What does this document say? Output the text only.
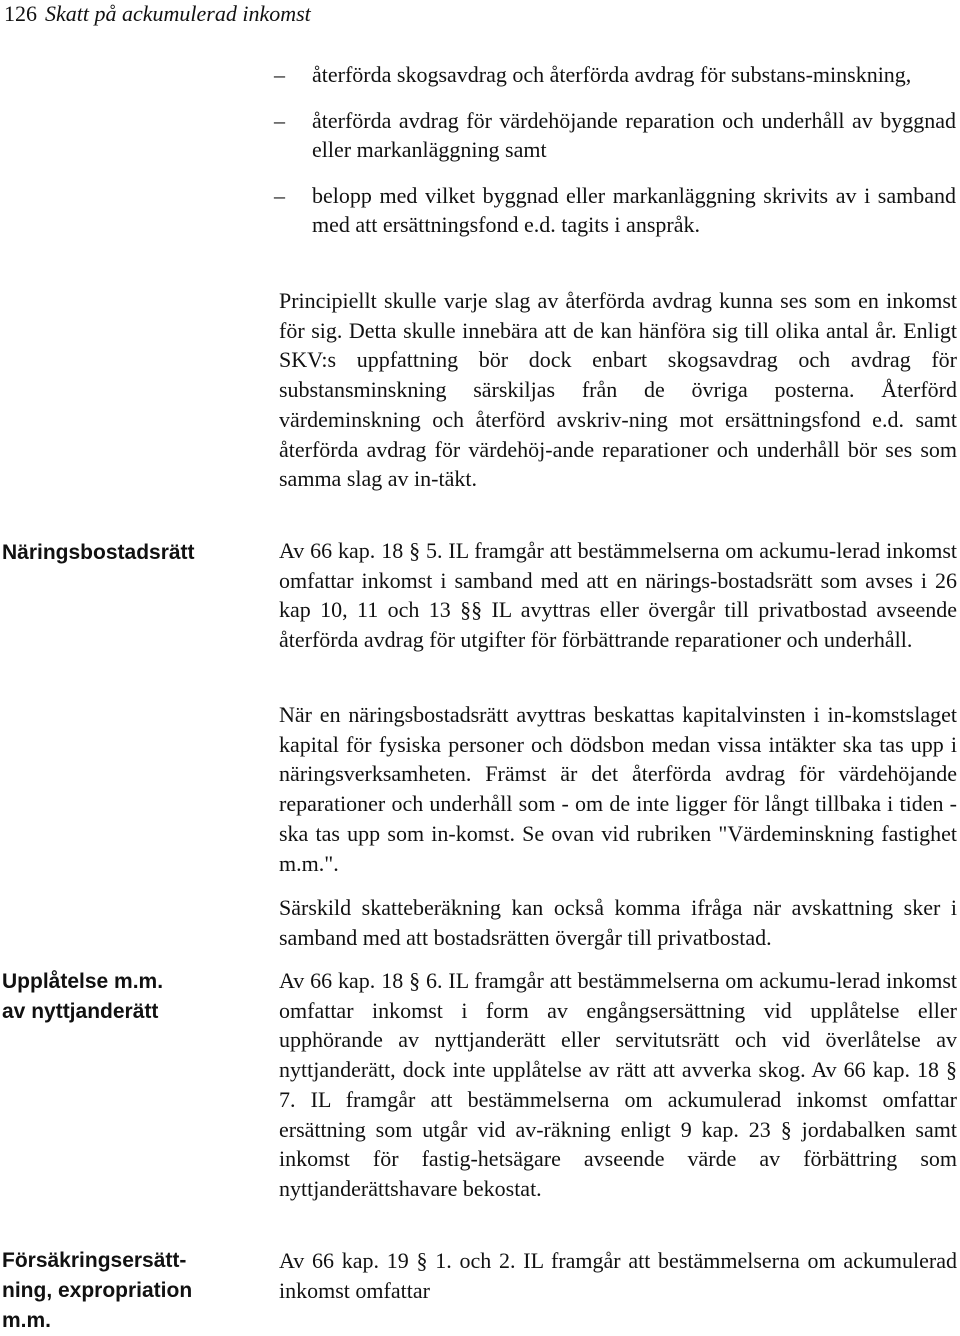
126 Skatt på ackumulerad inkomst
Näringsbostadsrätt
Upplåtelse m.m.
av nyttjanderätt
Försäkringsersätt-
ning, expropriation
m.m.
– återförda skogsavdrag och återförda avdrag för substans-minskning,
– återförda avdrag för värdehöjande reparation och underhåll av byggnad eller markanläggning samt
– belopp med vilket byggnad eller markanläggning skrivits av i samband med att ersättningsfond e.d. tagits i anspråk.

Principiellt skulle varje slag av återförda avdrag kunna ses som en inkomst för sig. Detta skulle innebära att de kan hänföra sig till olika antal år. Enligt SKV:s uppfattning bör dock enbart skogsavdrag och avdrag för substansminskning särskiljas från de övriga posterna. Återförd värdeminskning och återförd avskriv-ning mot ersättningsfond e.d. samt återförda avdrag för värdehöj-ande reparationer och underhåll bör ses som samma slag av in-täkt.

Av 66 kap. 18 § 5. IL framgår att bestämmelserna om ackumu-lerad inkomst omfattar inkomst i samband med att en närings-bostadsrätt som avses i 26 kap 10, 11 och 13 §§ IL avyttras eller övergår till privatbostad avseende återförda avdrag för utgifter för förbättrande reparationer och underhåll.

När en näringsbostadsrätt avyttras beskattas kapitalvinsten i in-komstslaget kapital för fysiska personer och dödsbon medan vissa intäkter ska tas upp i näringsverksamheten. Främst är det återförda avdrag för värdehöjande reparationer och underhåll som - om de inte ligger för långt tillbaka i tiden - ska tas upp som in-komst. Se ovan vid rubriken "Värdeminskning fastighet m.m.".

Särskild skatteberäkning kan också komma ifråga när avskattning sker i samband med att bostadsrätten övergår till privatbostad.

Av 66 kap. 18 § 6. IL framgår att bestämmelserna om ackumu-lerad inkomst omfattar inkomst i form av engångsersättning vid upplåtelse eller upphörande av nyttjanderätt eller servitutsrätt och vid överlåtelse av nyttjanderätt, dock inte upplåtelse av rätt att avverka skog. Av 66 kap. 18 § 7. IL framgår att bestämmelserna om ackumulerad inkomst omfattar ersättning som utgår vid av-räkning enligt 9 kap. 23 § jordabalken samt inkomst för fastig-hetsägare avseende värde av förbättring som nyttjanderättshavare bekostat.

Av 66 kap. 19 § 1. och 2. IL framgår att bestämmelserna om ackumulerad inkomst omfattar
